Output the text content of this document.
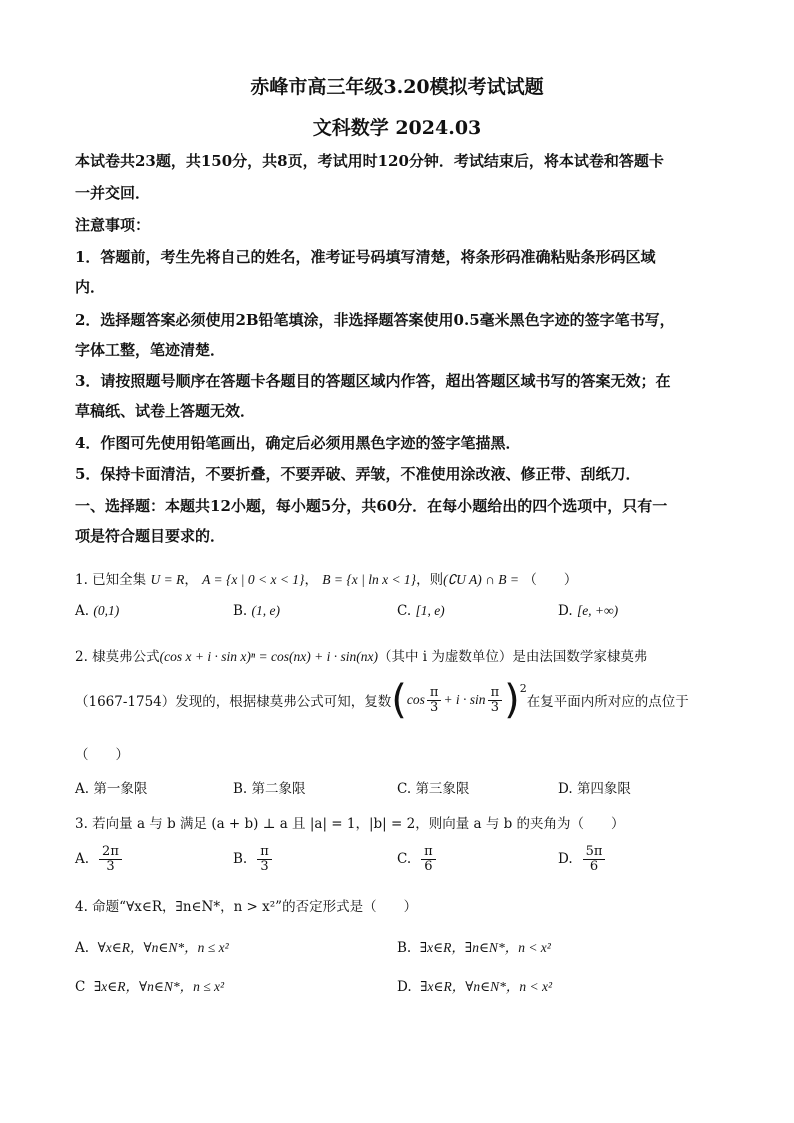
赤峰市高三年级3.20模拟考试试题
文科数学 2024.03
本试卷共23题，共150分，共8页，考试用时120分钟．考试结束后，将本试卷和答题卡
一并交回．
注意事项：
1．答题前，考生先将自己的姓名，准考证号码填写清楚，将条形码准确粘贴条形码区域
内．
2．选择题答案必须使用2B铅笔填涂，非选择题答案使用0.5毫米黑色字迹的签字笔书写，
字体工整，笔迹清楚．
3．请按照题号顺序在答题卡各题目的答题区域内作答，超出答题区域书写的答案无效；在
草稿纸、试卷上答题无效．
4．作图可先使用铅笔画出，确定后必须用黑色字迹的签字笔描黑．
5．保持卡面清洁，不要折叠，不要弄破、弄皱，不准使用涂改液、修正带、刮纸刀．
一、选择题：本题共12小题，每小题5分，共60分．在每小题给出的四个选项中，只有一
项是符合题目要求的．
1. 已知全集 U = R， A = {x | 0 < x < 1}， B = {x | ln x < 1}，则(∁U A) ∩ B = （　　）
A. (0,1)	B. (1, e)	C. [1, e)	D. [e, +∞)
2. 棣莫弗公式(cos x + i · sin x)ⁿ = cos(nx) + i · sin(nx)（其中 i 为虚数单位）是由法国数学家棣莫弗
（1667-1754）发现的，根据棣莫弗公式可知，复数 ( $\cos \frac{\pi}{3} + i \cdot \sin \frac{\pi}{3} )^2$
在复平面内所对应的点位于
（　　）
A. 第一象限	B. 第二象限	C. 第三象限	D. 第四象限
3. 若向量 a 与 b 满足 (a + b) ⊥ a 且 |a| = 1，|b| = 2，则向量 a 与 b 的夹角为（　　）
A. $\frac{2\pi}{3}$	B. $\frac{\pi}{3}$	C. $\frac{\pi}{6}$	D. $\frac{5\pi}{6}$
4. 命题“∀x∈R，∃n∈N*，n > x²”的否定形式是（　　）
A. ∀x∈R，∀n∈N*，n ≤ x²	B. ∃x∈R，∃n∈N*，n < x²
C ∃x∈R，∀n∈N*，n ≤ x²	D. ∃x∈R，∀n∈N*，n < x²
